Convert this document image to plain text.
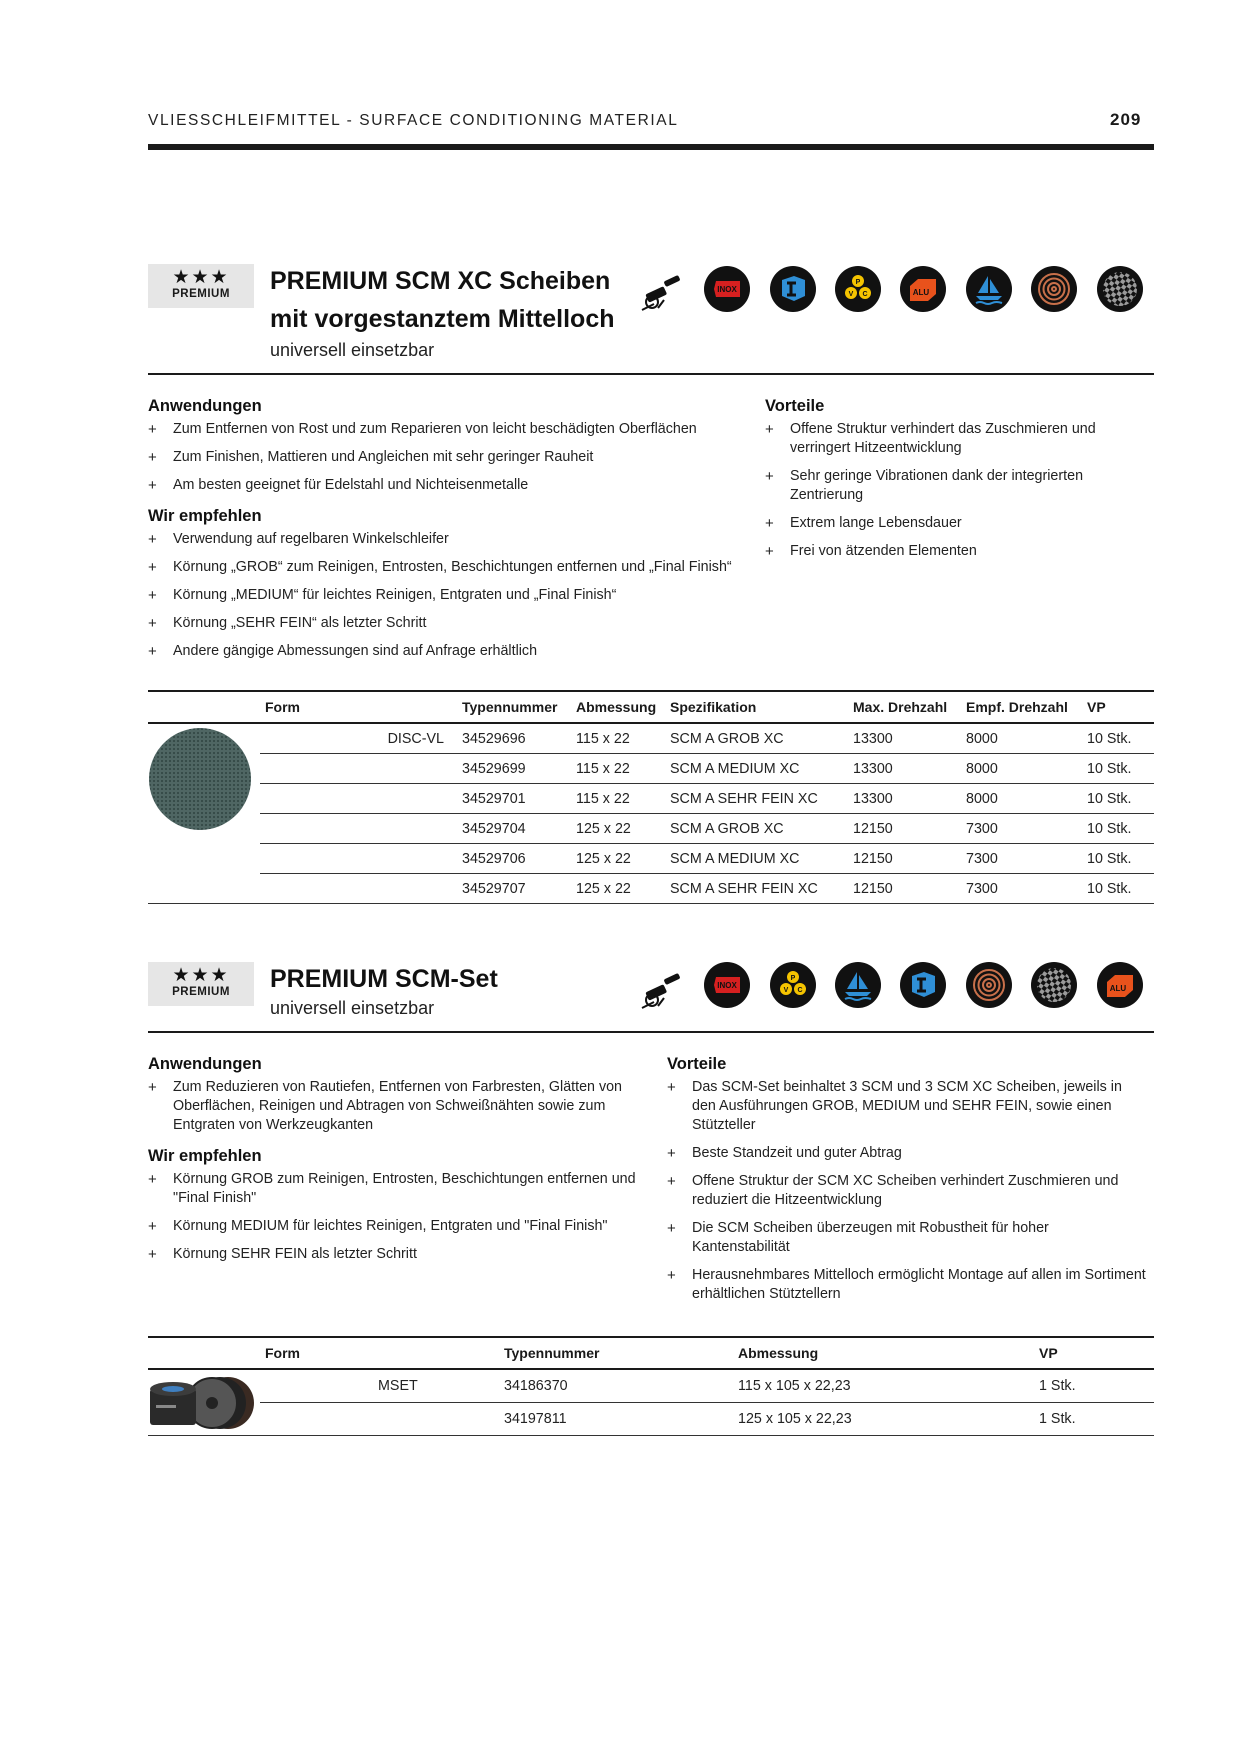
VLIESSCHLEIFMITTEL - SURFACE CONDITIONING MATERIAL	209
★★★
PREMIUM	PREMIUM SCM XC Scheiben
mit vorgestanztem Mittelloch
universell einsetzbar
INOX
P
V C	ALU
Anwendungen
+ Zum Entfernen von Rost und zum Reparieren von leicht beschädigten Oberflächen
+ Zum Finishen, Mattieren und Angleichen mit sehr geringer Rauheit
+ Am besten geeignet für Edelstahl und Nichteisenmetalle
Wir empfehlen
+ Verwendung auf regelbaren Winkelschleifer
+ Körnung „GROB“ zum Reinigen, Entrosten, Beschichtungen entfernen und „Final Finish“
+ Körnung „MEDIUM“ für leichtes Reinigen, Entgraten und „Final Finish“
+ Körnung „SEHR FEIN“ als letzter Schritt
+ Andere gängige Abmessungen sind auf Anfrage erhältlich
Vorteile
+ Offene Struktur verhindert das Zuschmieren und verringert Hitzeentwicklung
+ Sehr geringe Vibrationen dank der integrierten Zentrierung
+ Extrem lange Lebensdauer
+ Frei von ätzenden Elementen
Form		Typennummer	Abmessung	Spezifikation	Max. Drehzahl	Empf. Drehzahl	VP
	DISC-VL	34529696	115 x 22	SCM A GROB XC	13300	8000	10 Stk.
		34529699	115 x 22	SCM A MEDIUM XC	13300	8000	10 Stk.
		34529701	115 x 22	SCM A SEHR FEIN XC	13300	8000	10 Stk.
		34529704	125 x 22	SCM A GROB XC	12150	7300	10 Stk.
		34529706	125 x 22	SCM A MEDIUM XC	12150	7300	10 Stk.
		34529707	125 x 22	SCM A SEHR FEIN XC	12150	7300	10 Stk.
★★★
PREMIUM	PREMIUM SCM-Set
universell einsetzbar
INOX
P
V C	ALU
Anwendungen
+ Zum Reduzieren von Rautiefen, Entfernen von Farbresten, Glätten von Oberflächen, Reinigen und Abtragen von Schweißnähten sowie zum Entgraten von Werkzeugkanten
Wir empfehlen
+ Körnung GROB zum Reinigen, Entrosten, Beschichtungen entfernen und "Final Finish"
+ Körnung MEDIUM für leichtes Reinigen, Entgraten und "Final Finish"
+ Körnung SEHR FEIN als letzter Schritt
Vorteile
+ Das SCM-Set beinhaltet 3 SCM und 3 SCM XC Scheiben, jeweils in den Ausführungen GROB, MEDIUM und SEHR FEIN, sowie einen Stützteller
+ Beste Standzeit und guter Abtrag
+ Offene Struktur der SCM XC Scheiben verhindert Zuschmieren und reduziert die Hitzeentwicklung
+ Die SCM Scheiben überzeugen mit Robustheit für hoher Kantenstabilität
+ Herausnehmbares Mittelloch ermöglicht Montage auf allen im Sortiment erhältlichen Stütztellern
Form		Typennummer	Abmessung	VP
	MSET	34186370	115 x 105 x 22,23	1 Stk.
		34197811	125 x 105 x 22,23	1 Stk.
